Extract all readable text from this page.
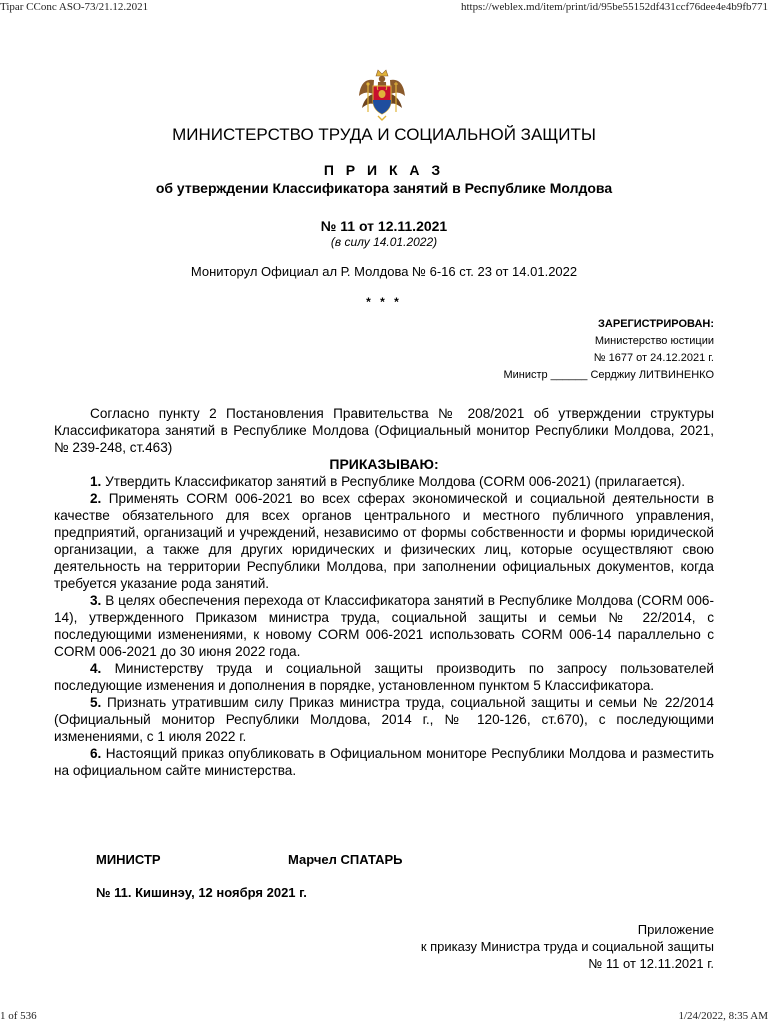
Tipar CConc ASO-73/21.12.2021	https://weblex.md/item/print/id/95be55152df431ccf76dee4e4b9fb771
МИНИСТЕРСТВО ТРУДА И СОЦИАЛЬНОЙ ЗАЩИТЫ
П Р И К А З
об утверждении Классификатора занятий в Республике Молдова
№ 11 от 12.11.2021
(в силу 14.01.2022)
Мониторул Официал ал Р. Молдова № 6-16 ст. 23 от 14.01.2022
* * *
ЗАРЕГИСТРИРОВАН:
Министерство юстиции
№ 1677 от 24.12.2021 г.
Министр ______ Серджиу ЛИТВИНЕНКО

Согласно пункту 2 Постановления Правительства № 208/2021 об утверждении структуры Классификатора занятий в Республике Молдова (Официальный монитор Республики Молдова, 2021, № 239-248, ст.463)

ПРИКАЗЫВАЮ:

1. Утвердить Классификатор занятий в Республике Молдова (CORM 006-2021) (прилагается).

2. Применять CORM 006-2021 во всех сферах экономической и социальной деятельности в качестве обязательного для всех органов центрального и местного публичного управления, предприятий, организаций и учреждений, независимо от формы собственности и формы юридической организации, а также для других юридических и физических лиц, которые осуществляют свою деятельность на территории Республики Молдова, при заполнении официальных документов, когда требуется указание рода занятий.

3. В целях обеспечения перехода от Классификатора занятий в Республике Молдова (CORM 006-14), утвержденного Приказом министра труда, социальной защиты и семьи № 22/2014, с последующими изменениями, к новому CORM 006-2021 использовать CORM 006-14 параллельно с CORM 006-2021 до 30 июня 2022 года.

4. Министерству труда и социальной защиты производить по запросу пользователей последующие изменения и дополнения в порядке, установленном пунктом 5 Классификатора.

5. Признать утратившим силу Приказ министра труда, социальной защиты и семьи № 22/2014 (Официальный монитор Республики Молдова, 2014 г., № 120-126, ст.670), с последующими изменениями, с 1 июля 2022 г.

6. Настоящий приказ опубликовать в Официальном мониторе Республики Молдова и разместить на официальном сайте министерства.

МИНИСТР	Марчел СПАТАРЬ
№ 11. Кишинэу, 12 ноября 2021 г.
Приложение
к приказу Министра труда и социальной защиты
№ 11 от 12.11.2021 г.
1 of 536	1/24/2022, 8:35 AM
